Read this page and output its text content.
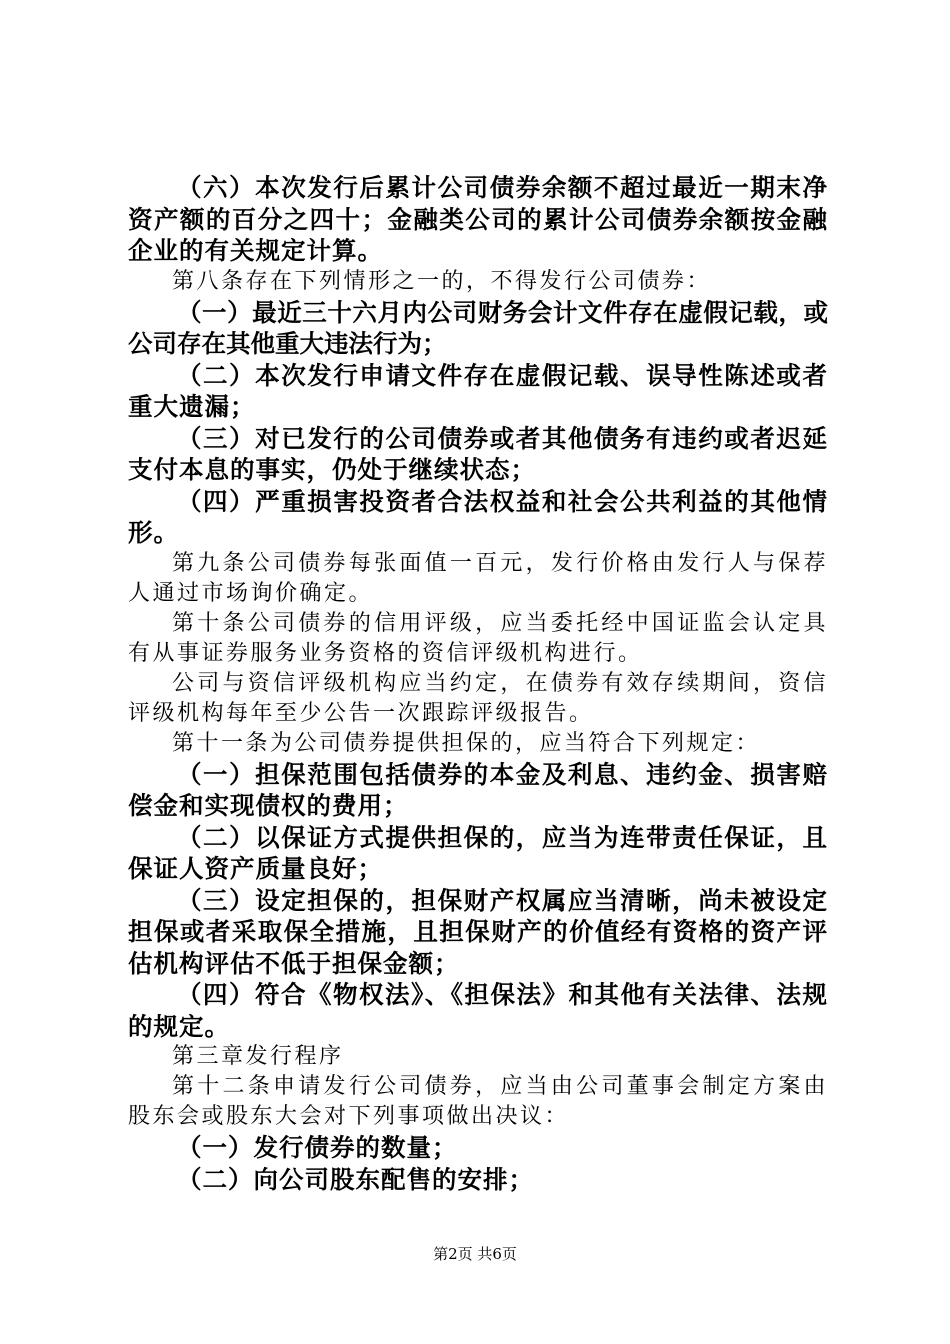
（六）本次发行后累计公司债券余额不超过最近一期末净资产额的百分之四十；金融类公司的累计公司债券余额按金融企业的有关规定计算。

第八条存在下列情形之一的，不得发行公司债券：

（一）最近三十六月内公司财务会计文件存在虚假记载，或公司存在其他重大违法行为；

（二）本次发行申请文件存在虚假记载、误导性陈述或者重大遗漏；

（三）对已发行的公司债券或者其他债务有违约或者迟延支付本息的事实，仍处于继续状态；

（四）严重损害投资者合法权益和社会公共利益的其他情形。

第九条公司债券每张面值一百元，发行价格由发行人与保荐人通过市场询价确定。

第十条公司债券的信用评级，应当委托经中国证监会认定具有从事证券服务业务资格的资信评级机构进行。

公司与资信评级机构应当约定，在债券有效存续期间，资信评级机构每年至少公告一次跟踪评级报告。

第十一条为公司债券提供担保的，应当符合下列规定：

（一）担保范围包括债券的本金及利息、违约金、损害赔偿金和实现债权的费用；

（二）以保证方式提供担保的，应当为连带责任保证，且保证人资产质量良好；

（三）设定担保的，担保财产权属应当清晰，尚未被设定担保或者采取保全措施，且担保财产的价值经有资格的资产评估机构评估不低于担保金额；

（四）符合《物权法》、《担保法》和其他有关法律、法规的规定。

第三章发行程序

第十二条申请发行公司债券，应当由公司董事会制定方案由股东会或股东大会对下列事项做出决议：

（一）发行债券的数量；

（二）向公司股东配售的安排；

第2页 共6页
